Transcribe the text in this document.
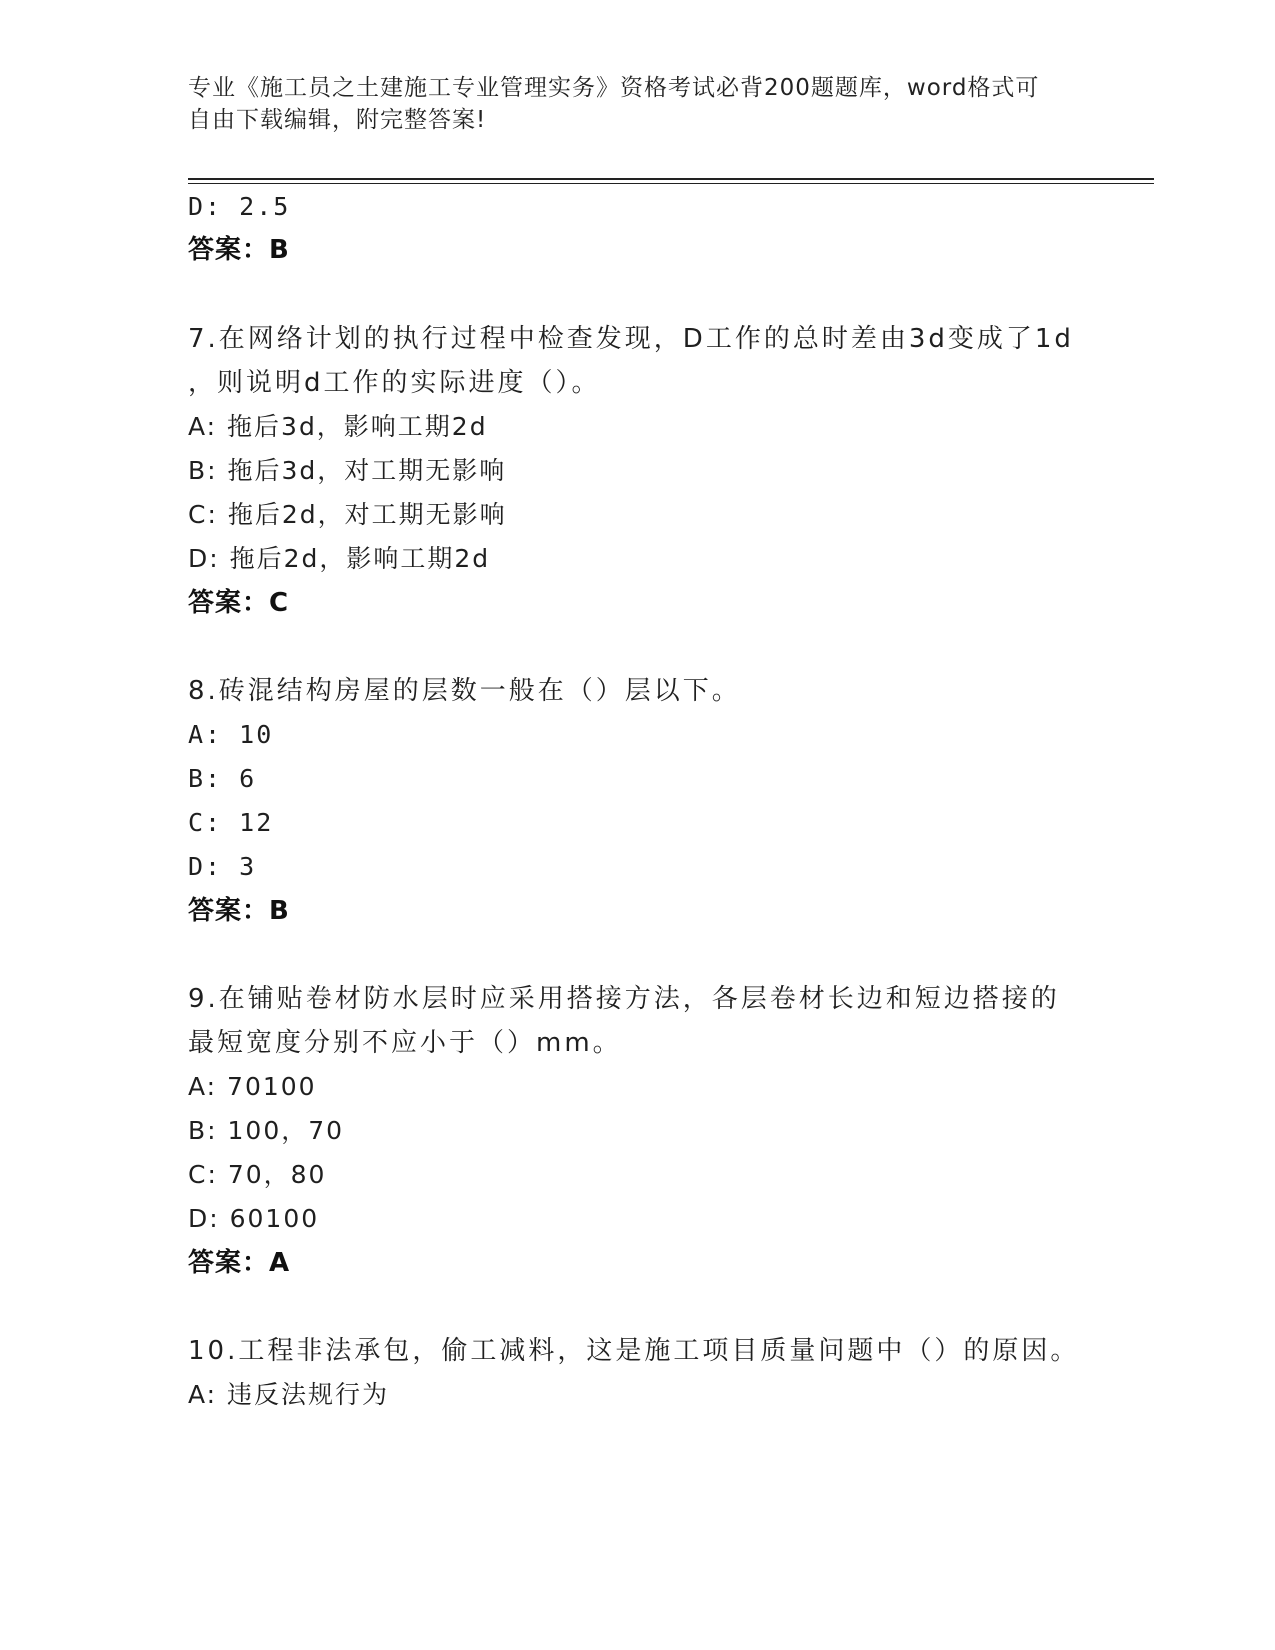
专业《施工员之土建施工专业管理实务》资格考试必背200题题库，word格式可
自由下载编辑，附完整答案!
D: 2.5
答案：B
7.在网络计划的执行过程中检查发现，D工作的总时差由3d变成了1d
，则说明d工作的实际进度（）。
A: 拖后3d，影响工期2d
B: 拖后3d，对工期无影响
C: 拖后2d，对工期无影响
D: 拖后2d，影响工期2d
答案：C
8.砖混结构房屋的层数一般在（）层以下。
A: 10
B: 6
C: 12
D: 3
答案：B
9.在铺贴卷材防水层时应采用搭接方法，各层卷材长边和短边搭接的
最短宽度分别不应小于（）mm。
A: 70100
B: 100，70
C: 70，80
D: 60100
答案：A
10.工程非法承包，偷工减料，这是施工项目质量问题中（）的原因。
A: 违反法规行为
